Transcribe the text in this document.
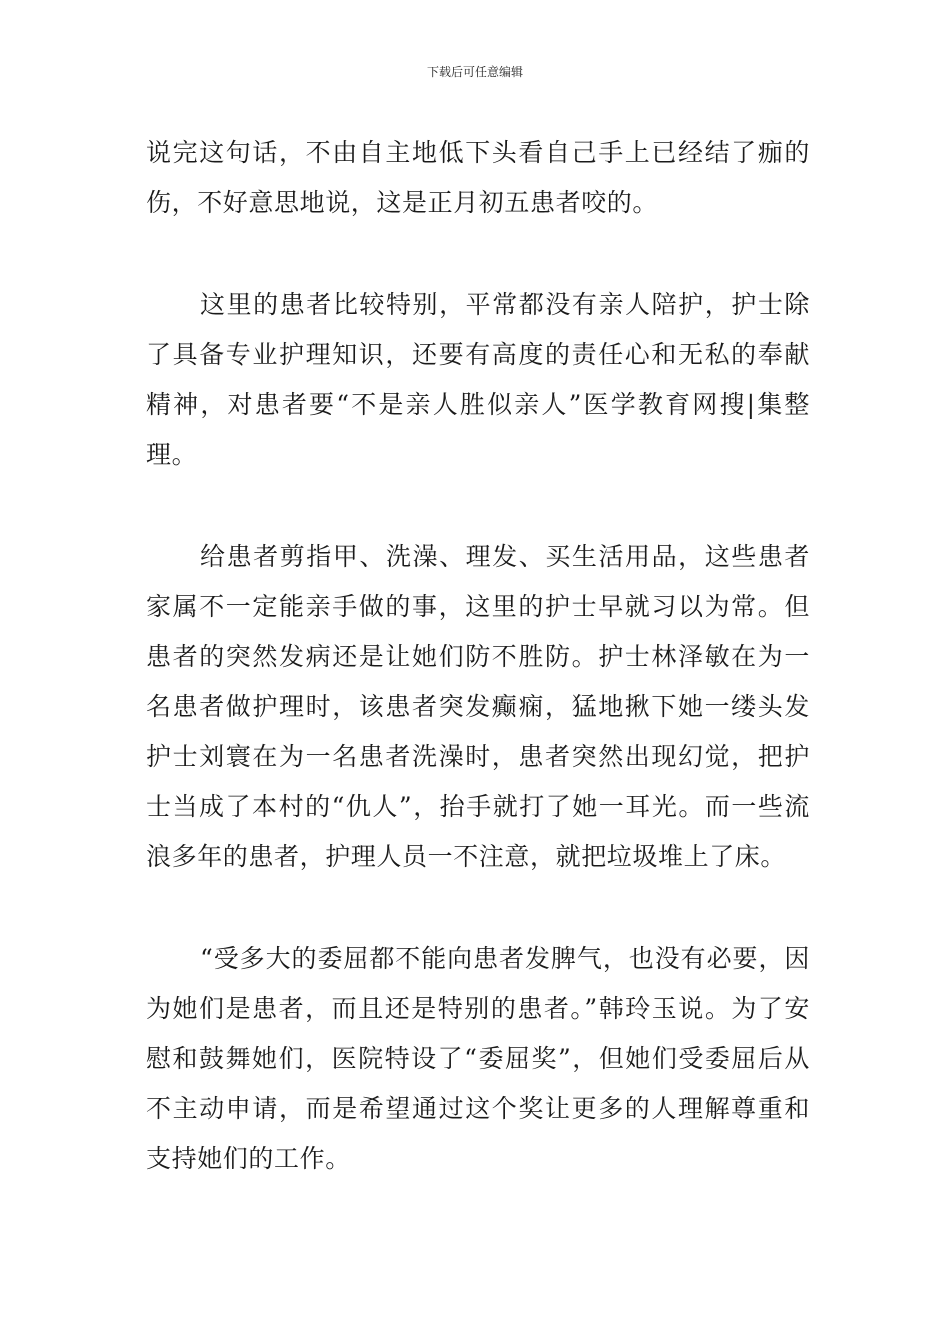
下载后可任意编辑

说完这句话，不由自主地低下头看自己手上已经结了痂的伤，不好意思地说，这是正月初五患者咬的。

这里的患者比较特别，平常都没有亲人陪护，护士除了具备专业护理知识，还要有高度的责任心和无私的奉献精神，对患者要“不是亲人胜似亲人”医学教育网搜|集整理。

给患者剪指甲、洗澡、理发、买生活用品，这些患者家属不一定能亲手做的事，这里的护士早就习以为常。但患者的突然发病还是让她们防不胜防。护士林泽敏在为一名患者做护理时，该患者突发癫痫，猛地揪下她一缕头发护士刘寰在为一名患者洗澡时，患者突然出现幻觉，把护士当成了本村的“仇人”，抬手就打了她一耳光。而一些流浪多年的患者，护理人员一不注意，就把垃圾堆上了床。

“受多大的委屈都不能向患者发脾气，也没有必要，因为她们是患者，而且还是特别的患者。”韩玲玉说。为了安慰和鼓舞她们，医院特设了“委屈奖”，但她们受委屈后从不主动申请，而是希望通过这个奖让更多的人理解尊重和支持她们的工作。
